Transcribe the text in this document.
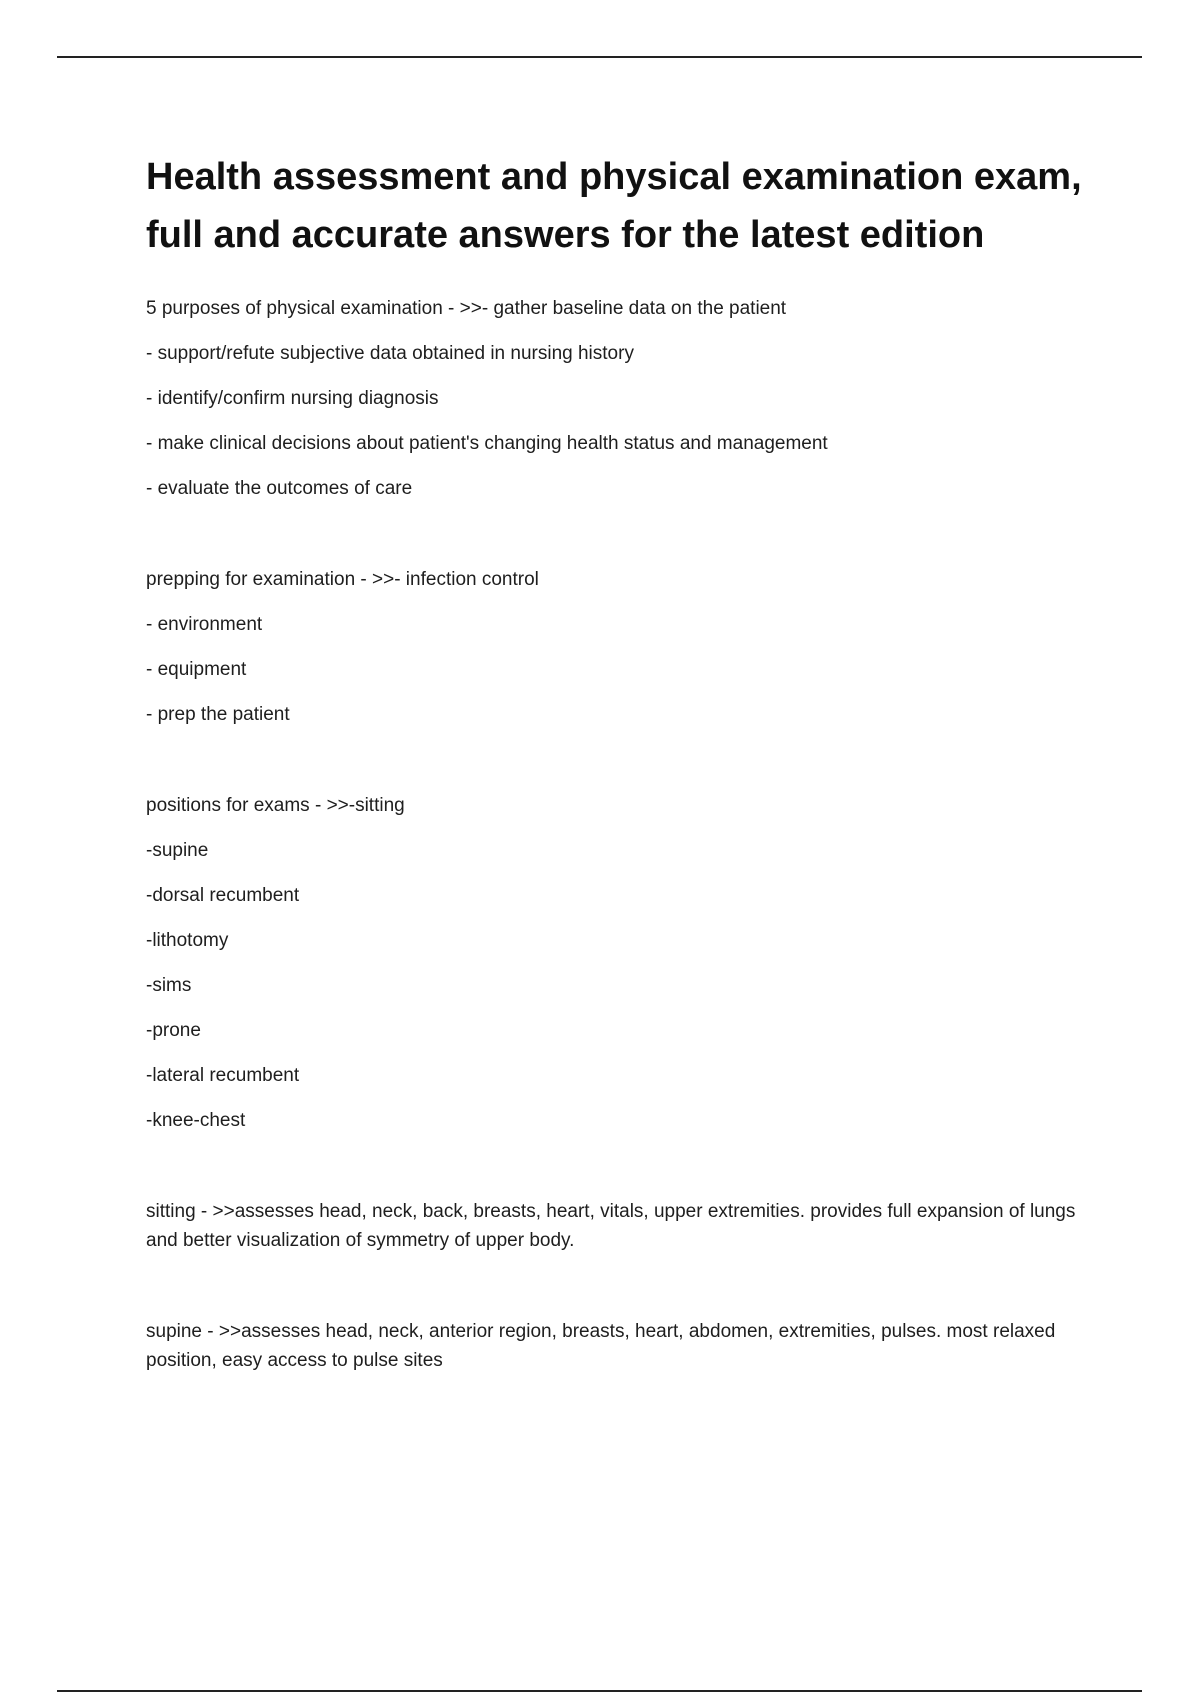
Health assessment and physical examination exam, full and accurate answers for the latest edition

5 purposes of physical examination - >>- gather baseline data on the patient

- support/refute subjective data obtained in nursing history

- identify/confirm nursing diagnosis

- make clinical decisions about patient's changing health status and management

- evaluate the outcomes of care

prepping for examination - >>- infection control

- environment

- equipment

- prep the patient

positions for exams - >>-sitting

-supine

-dorsal recumbent

-lithotomy

-sims

-prone

-lateral recumbent

-knee-chest

sitting - >>assesses head, neck, back, breasts, heart, vitals, upper extremities. provides full expansion of lungs and better visualization of symmetry of upper body.

supine - >>assesses head, neck, anterior region, breasts, heart, abdomen, extremities, pulses. most relaxed position, easy access to pulse sites
